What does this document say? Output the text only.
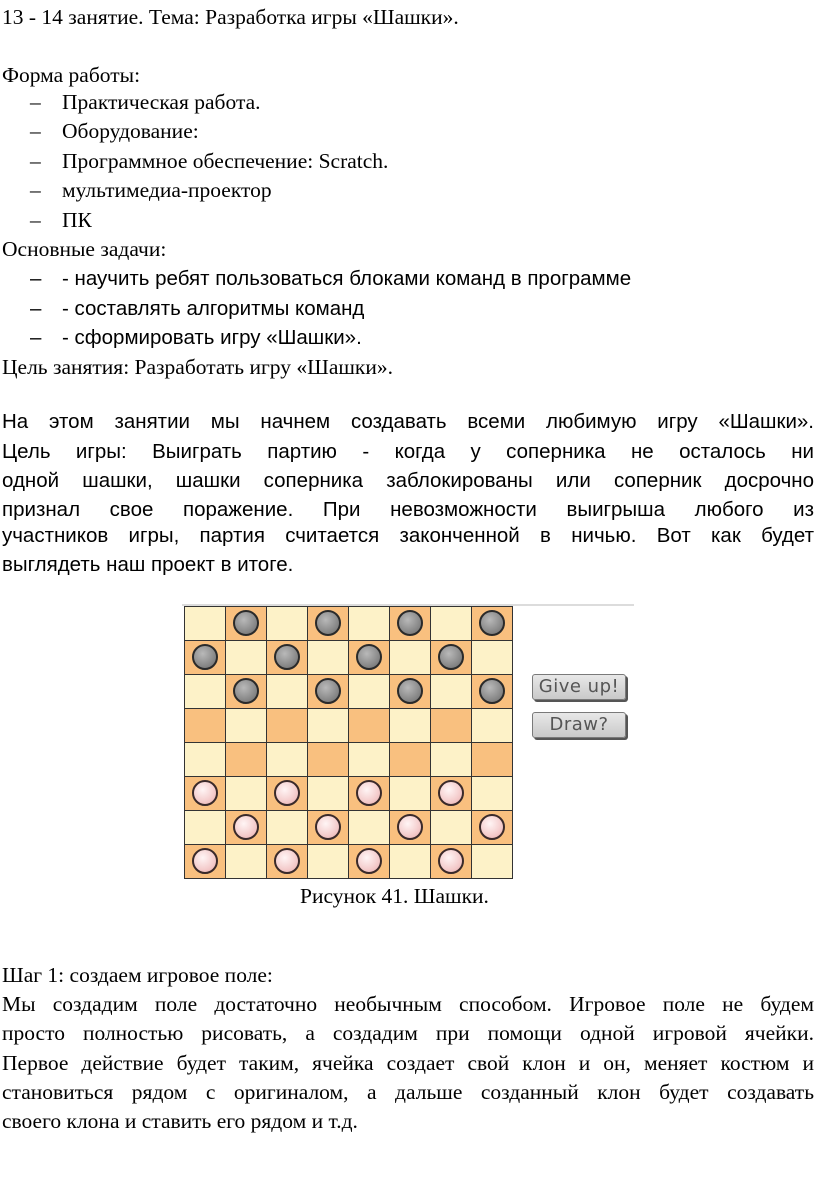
13 - 14 занятие. Тема: Разработка игры «Шашки».
Форма работы:
– Практическая работа.
– Оборудование:
– Программное обеспечение: Scratch.
– мультимедиа-проектор
– ПК
Основные задачи:
– - научить ребят пользоваться блоками команд в программе
– - составлять алгоритмы команд
– - сформировать игру «Шашки».
Цель занятия: Разработать игру «Шашки».
На этом занятии мы начнем создавать всеми любимую игру «Шашки».
Цель игры: Выиграть партию - когда у соперника не осталось ни
одной шашки, шашки соперника заблокированы или соперник досрочно
признал свое поражение. При невозможности выигрыша любого из
участников игры, партия считается законченной в ничью. Вот как будет
выглядеть наш проект в итоге.
Give up!
Draw?
Рисунок 41. Шашки.
Шаг 1: создаем игровое поле:
Мы создадим поле достаточно необычным способом. Игровое поле не будем
просто полностью рисовать, а создадим при помощи одной игровой ячейки.
Первое действие будет таким, ячейка создает свой клон и он, меняет костюм и
становиться рядом с оригиналом, а дальше созданный клон будет создавать
своего клона и ставить его рядом и т.д.
